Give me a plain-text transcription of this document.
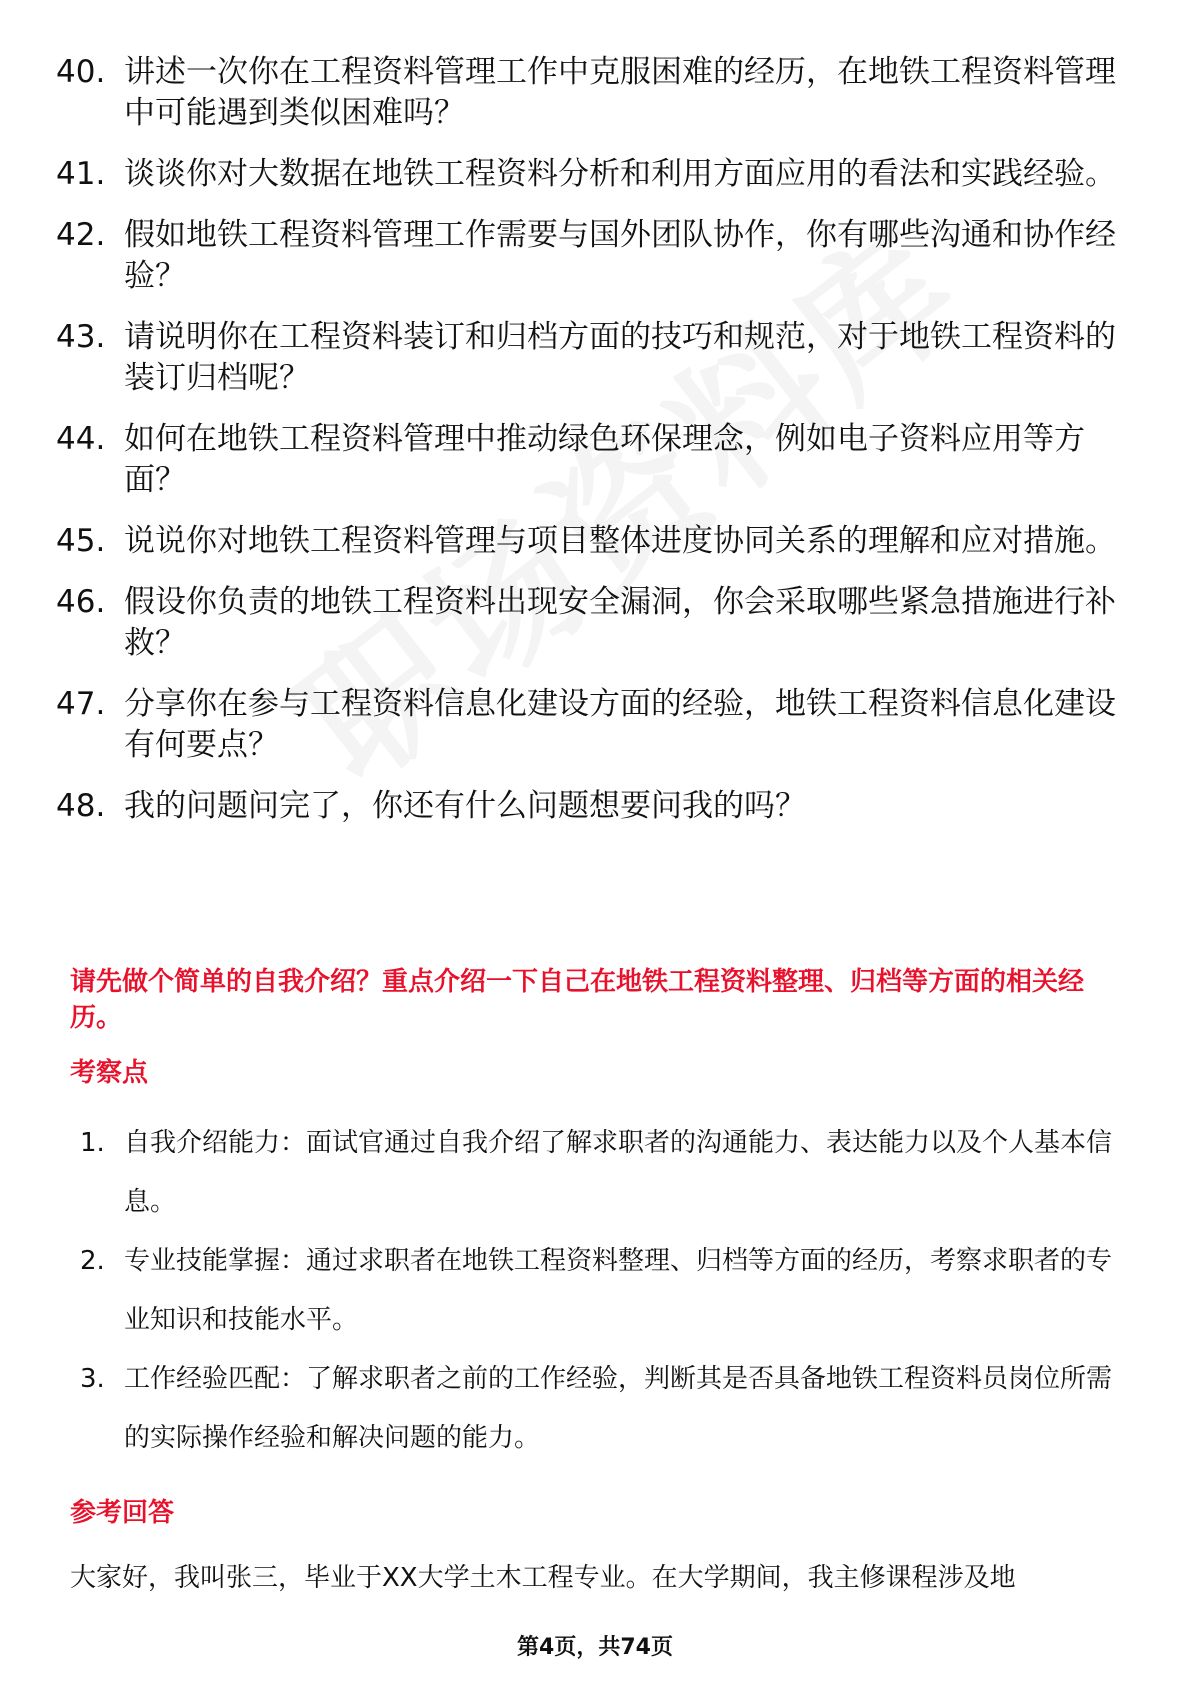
40. 讲述一次你在工程资料管理工作中克服困难的经历，在地铁工程资料管理中可能遇到类似困难吗？
41. 谈谈你对大数据在地铁工程资料分析和利用方面应用的看法和实践经验。
42. 假如地铁工程资料管理工作需要与国外团队协作，你有哪些沟通和协作经验？
43. 请说明你在工程资料装订和归档方面的技巧和规范，对于地铁工程资料的装订归档呢？
44. 如何在地铁工程资料管理中推动绿色环保理念，例如电子资料应用等方面？
45. 说说你对地铁工程资料管理与项目整体进度协同关系的理解和应对措施。
46. 假设你负责的地铁工程资料出现安全漏洞，你会采取哪些紧急措施进行补救？
47. 分享你在参与工程资料信息化建设方面的经验，地铁工程资料信息化建设有何要点？
48. 我的问题问完了，你还有什么问题想要问我的吗？
请先做个简单的自我介绍？重点介绍一下自己在地铁工程资料整理、归档等方面的相关经历。
考察点
1. 自我介绍能力：面试官通过自我介绍了解求职者的沟通能力、表达能力以及个人基本信息。
2. 专业技能掌握：通过求职者在地铁工程资料整理、归档等方面的经历，考察求职者的专业知识和技能水平。
3. 工作经验匹配：了解求职者之前的工作经验，判断其是否具备地铁工程资料员岗位所需的实际操作经验和解决问题的能力。
参考回答
大家好，我叫张三，毕业于XX大学土木工程专业。在大学期间，我主修课程涉及地
第4页，共74页
